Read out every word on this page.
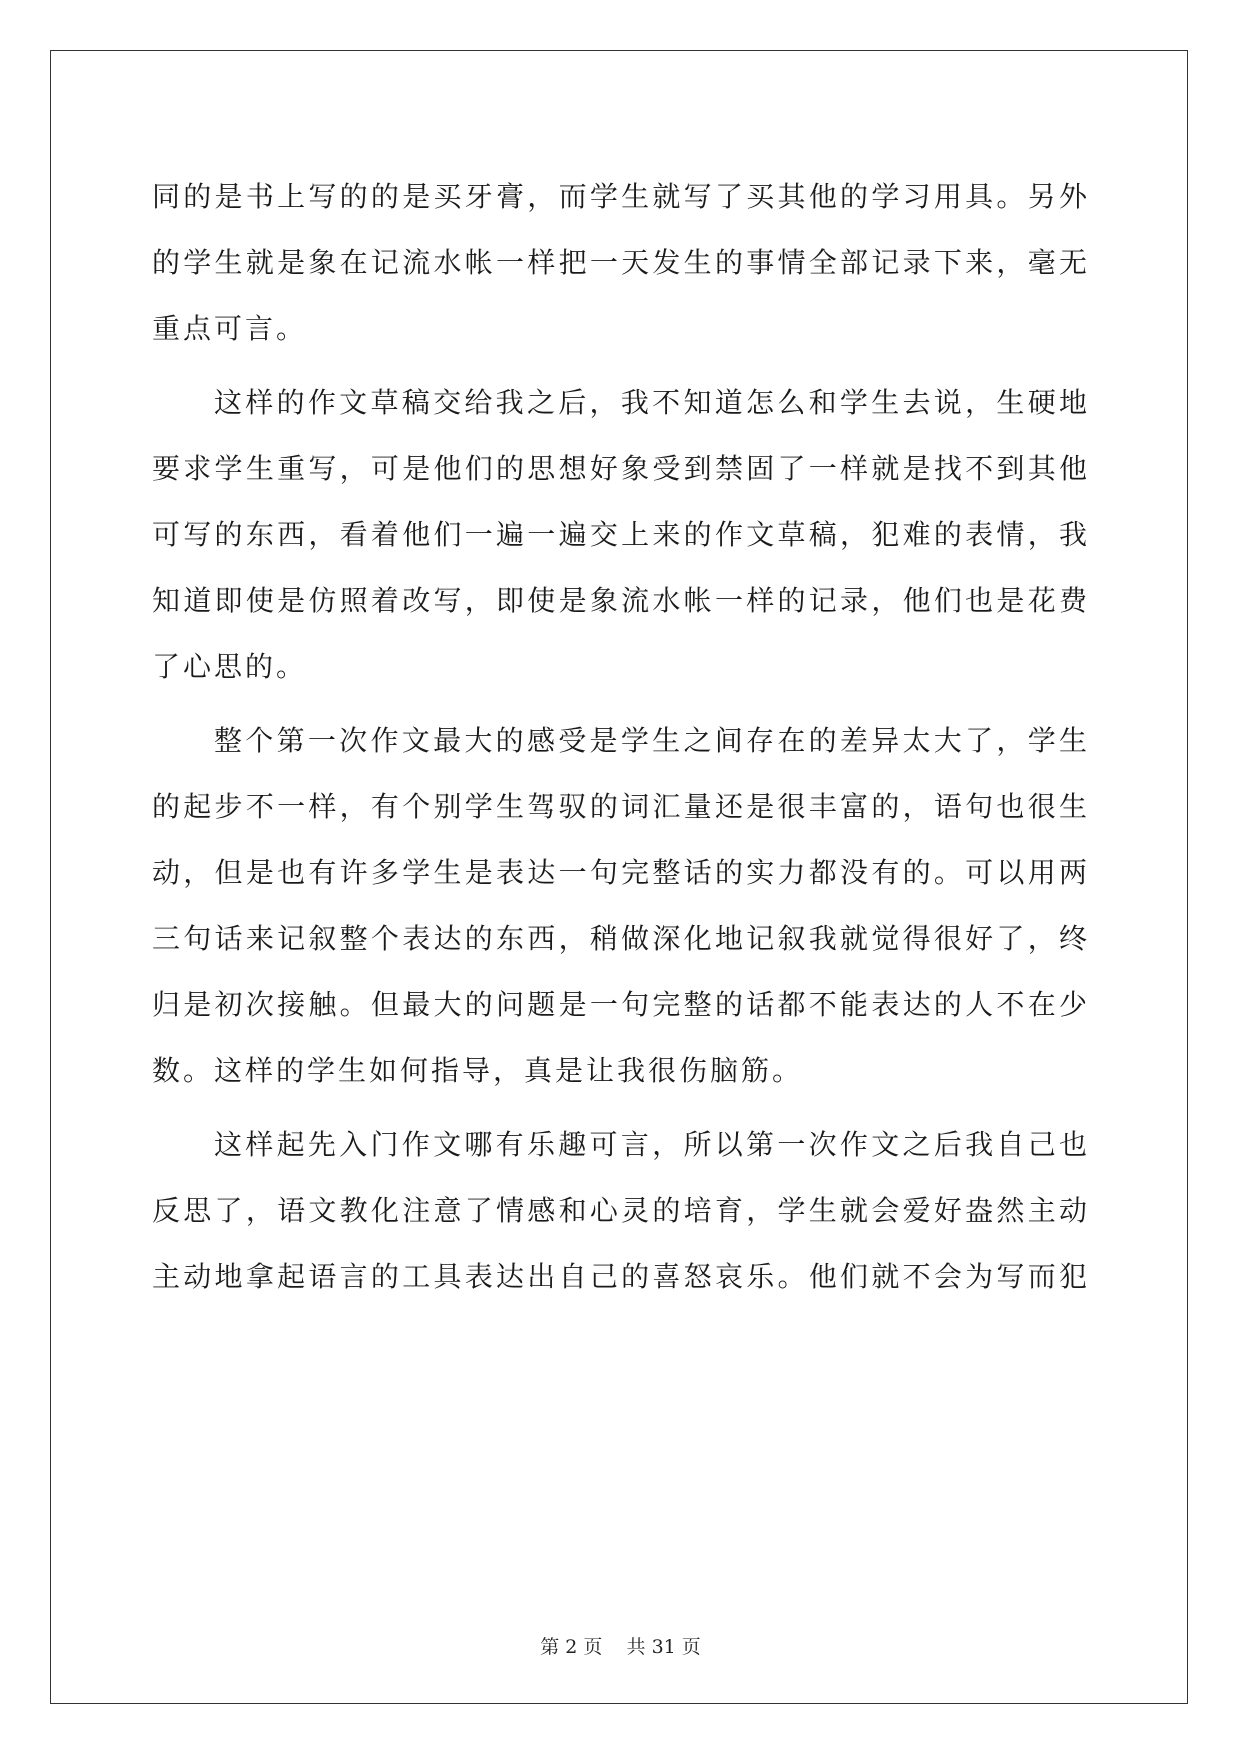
同的是书上写的的是买牙膏，而学生就写了买其他的学习用具。另外
的学生就是象在记流水帐一样把一天发生的事情全部记录下来，毫无
重点可言。
这样的作文草稿交给我之后，我不知道怎么和学生去说，生硬地
要求学生重写，可是他们的思想好象受到禁固了一样就是找不到其他
可写的东西，看着他们一遍一遍交上来的作文草稿，犯难的表情，我
知道即使是仿照着改写，即使是象流水帐一样的记录，他们也是花费
了心思的。
整个第一次作文最大的感受是学生之间存在的差异太大了，学生
的起步不一样，有个别学生驾驭的词汇量还是很丰富的，语句也很生
动，但是也有许多学生是表达一句完整话的实力都没有的。可以用两
三句话来记叙整个表达的东西，稍做深化地记叙我就觉得很好了，终
归是初次接触。但最大的问题是一句完整的话都不能表达的人不在少
数。这样的学生如何指导，真是让我很伤脑筋。
这样起先入门作文哪有乐趣可言，所以第一次作文之后我自己也
反思了，语文教化注意了情感和心灵的培育，学生就会爱好盎然主动
主动地拿起语言的工具表达出自己的喜怒哀乐。他们就不会为写而犯
第 2 页    共 31 页
